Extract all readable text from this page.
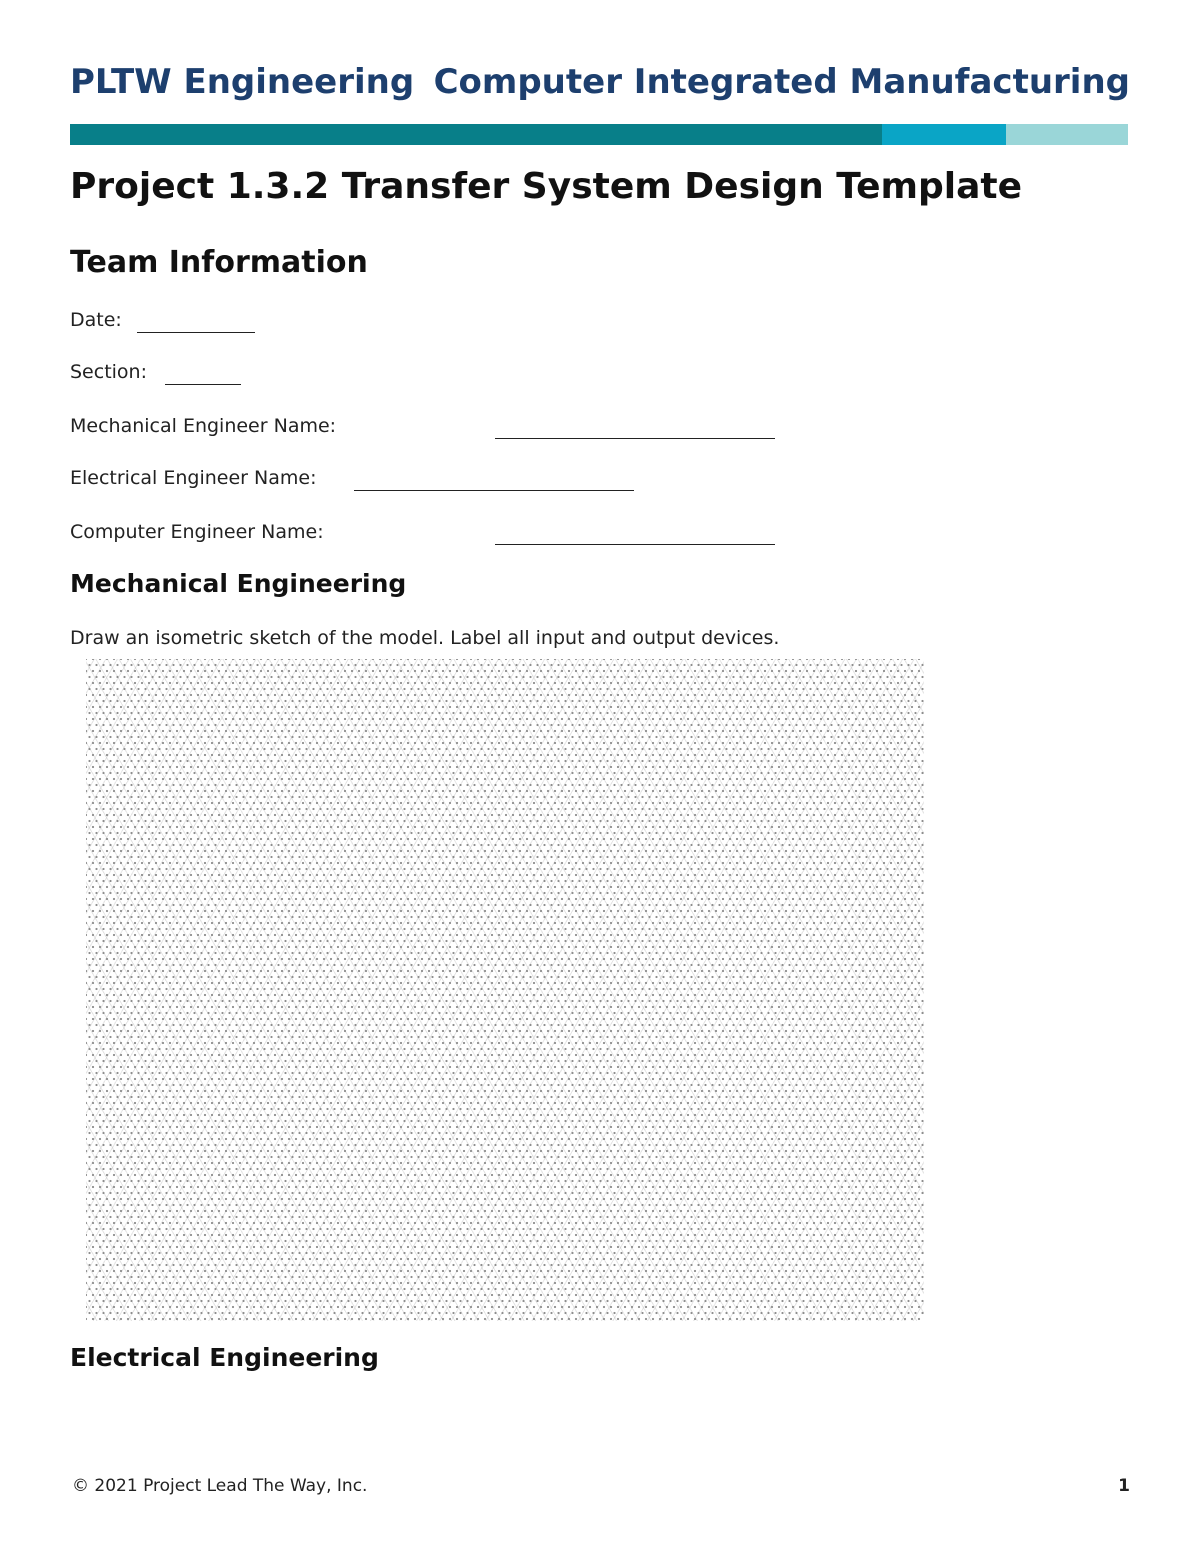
PLTW Engineering Computer Integrated Manufacturing
Project 1.3.2 Transfer System Design Template
Team Information
Date:
Section:
Mechanical Engineer Name:
Electrical Engineer Name:
Computer Engineer Name:
Mechanical Engineering
Draw an isometric sketch of the model. Label all input and output devices.
Electrical Engineering
© 2021 Project Lead The Way, Inc.	1
